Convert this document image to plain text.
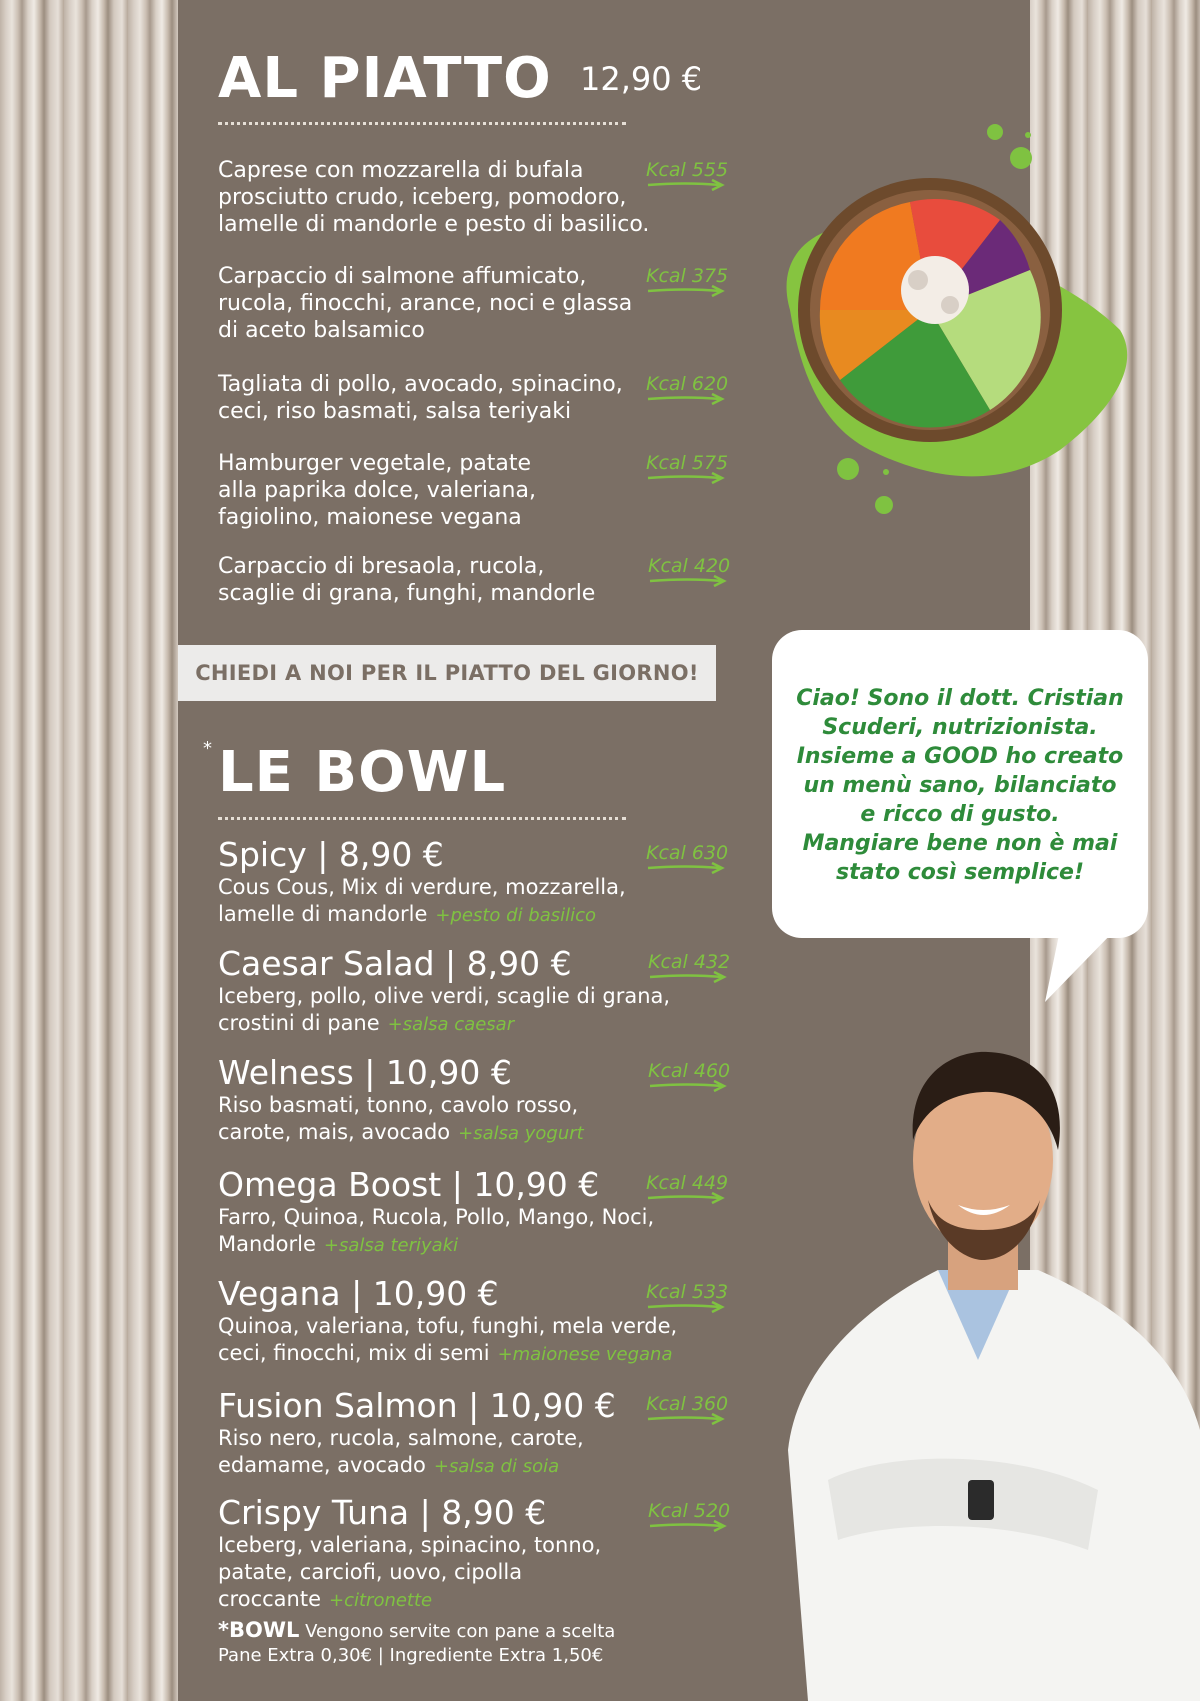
AL PIATTO 12,90 €
Caprese con mozzarella di bufala
prosciutto crudo, iceberg, pomodoro,
lamelle di mandorle e pesto di basilico.
Kcal 555
Carpaccio di salmone affumicato,
rucola, finocchi, arance, noci e glassa
di aceto balsamico
Kcal 375
Tagliata di pollo, avocado, spinacino,
ceci, riso basmati, salsa teriyaki
Kcal 620
Hamburger vegetale, patate
alla paprika dolce, valeriana,
fagiolino, maionese vegana
Kcal 575
Carpaccio di bresaola, rucola,
scaglie di grana, funghi, mandorle
Kcal 420
CHIEDI A NOI PER IL PIATTO DEL GIORNO!
* LE BOWL
Spicy | 8,90 €
Cous Cous, Mix di verdure, mozzarella,
lamelle di mandorle +pesto di basilico
Kcal 630
Caesar Salad | 8,90 €
Iceberg, pollo, olive verdi, scaglie di grana,
crostini di pane +salsa caesar
Kcal 432
Welness | 10,90 €
Riso basmati, tonno, cavolo rosso,
carote, mais, avocado +salsa yogurt
Kcal 460
Omega Boost | 10,90 €
Farro, Quinoa, Rucola, Pollo, Mango, Noci,
Mandorle +salsa teriyaki
Kcal 449
Vegana | 10,90 €
Quinoa, valeriana, tofu, funghi, mela verde,
ceci, finocchi, mix di semi +maionese vegana
Kcal 533
Fusion Salmon | 10,90 €
Riso nero, rucola, salmone, carote,
edamame, avocado +salsa di soia
Kcal 360
Crispy Tuna | 8,90 €
Iceberg, valeriana, spinacino, tonno,
patate, carciofi, uovo, cipolla croccante +citronette
Kcal 520
*BOWL Vengono servite con pane a scelta
Pane Extra 0,30€ | Ingrediente Extra 1,50€
Ciao! Sono il dott. Cristian
Scuderi, nutrizionista.
Insieme a GOOD ho creato
un menù sano, bilanciato
e ricco di gusto.
Mangiare bene non è mai
stato così semplice!
